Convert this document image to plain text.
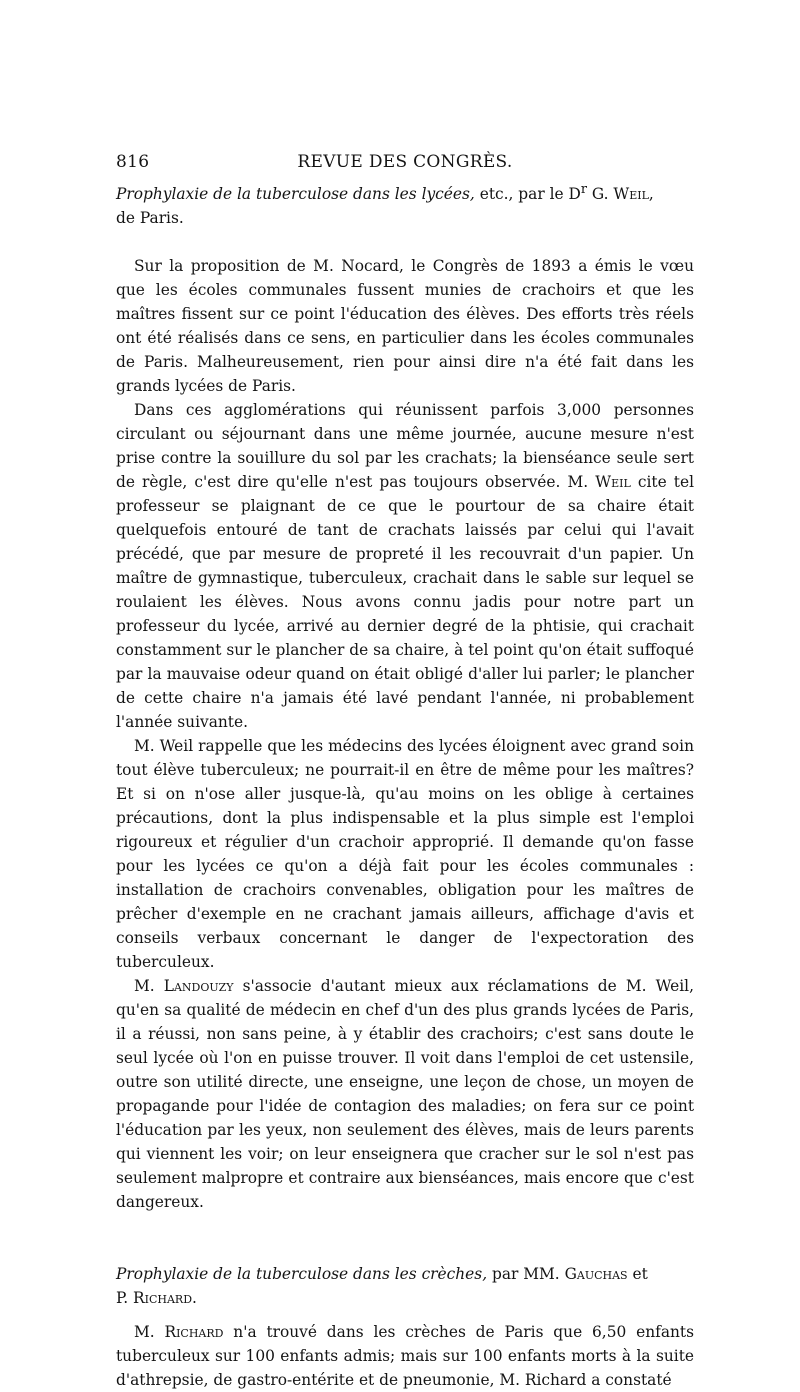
816	REVUE DES CONGRÈS.

Prophylaxie de la tuberculose dans les lycées, etc., par le $D^r$ G. Weil,
de Paris.

Sur la proposition de M. Nocard, le Congrès de 1893 a émis le vœu que les écoles communales fussent munies de crachoirs et que les maîtres fissent sur ce point l'éducation des élèves. Des efforts très réels ont été réalisés dans ce sens, en particulier dans les écoles communales de Paris. Malheureusement, rien pour ainsi dire n'a été fait dans les grands lycées de Paris.

Dans ces agglomérations qui réunissent parfois 3,000 personnes circulant ou séjournant dans une même journée, aucune mesure n'est prise contre la souillure du sol par les crachats; la bienséance seule sert de règle, c'est dire qu'elle n'est pas toujours observée. M. Weil cite tel professeur se plaignant de ce que le pourtour de sa chaire était quelquefois entouré de tant de crachats laissés par celui qui l'avait précédé, que par mesure de propreté il les recouvrait d'un papier. Un maître de gymnastique, tuberculeux, crachait dans le sable sur lequel se roulaient les élèves. Nous avons connu jadis pour notre part un professeur du lycée, arrivé au dernier degré de la phtisie, qui crachait constamment sur le plancher de sa chaire, à tel point qu'on était suffoqué par la mauvaise odeur quand on était obligé d'aller lui parler; le plancher de cette chaire n'a jamais été lavé pendant l'année, ni probablement l'année suivante.

M. Weil rappelle que les médecins des lycées éloignent avec grand soin tout élève tuberculeux; ne pourrait-il en être de même pour les maîtres? Et si on n'ose aller jusque-là, qu'au moins on les oblige à certaines précautions, dont la plus indispensable et la plus simple est l'emploi rigoureux et régulier d'un crachoir approprié. Il demande qu'on fasse pour les lycées ce qu'on a déjà fait pour les écoles communales : installation de crachoirs convenables, obligation pour les maîtres de prêcher d'exemple en ne crachant jamais ailleurs, affichage d'avis et conseils verbaux concernant le danger de l'expectoration des tuberculeux.

M. Landouzy s'associe d'autant mieux aux réclamations de M. Weil, qu'en sa qualité de médecin en chef d'un des plus grands lycées de Paris, il a réussi, non sans peine, à y établir des crachoirs; c'est sans doute le seul lycée où l'on en puisse trouver. Il voit dans l'emploi de cet ustensile, outre son utilité directe, une enseigne, une leçon de chose, un moyen de propagande pour l'idée de contagion des maladies; on fera sur ce point l'éducation par les yeux, non seulement des élèves, mais de leurs parents qui viennent les voir; on leur enseignera que cracher sur le sol n'est pas seulement malpropre et contraire aux bienséances, mais encore que c'est dangereux.

Prophylaxie de la tuberculose dans les crèches, par MM. Gauchas et
P. Richard.

M. Richard n'a trouvé dans les crèches de Paris que 6,50 enfants tuberculeux sur 100 enfants admis; mais sur 100 enfants morts à la suite d'athrepsie, de gastro-entérite et de pneumonie, M. Richard a constaté
